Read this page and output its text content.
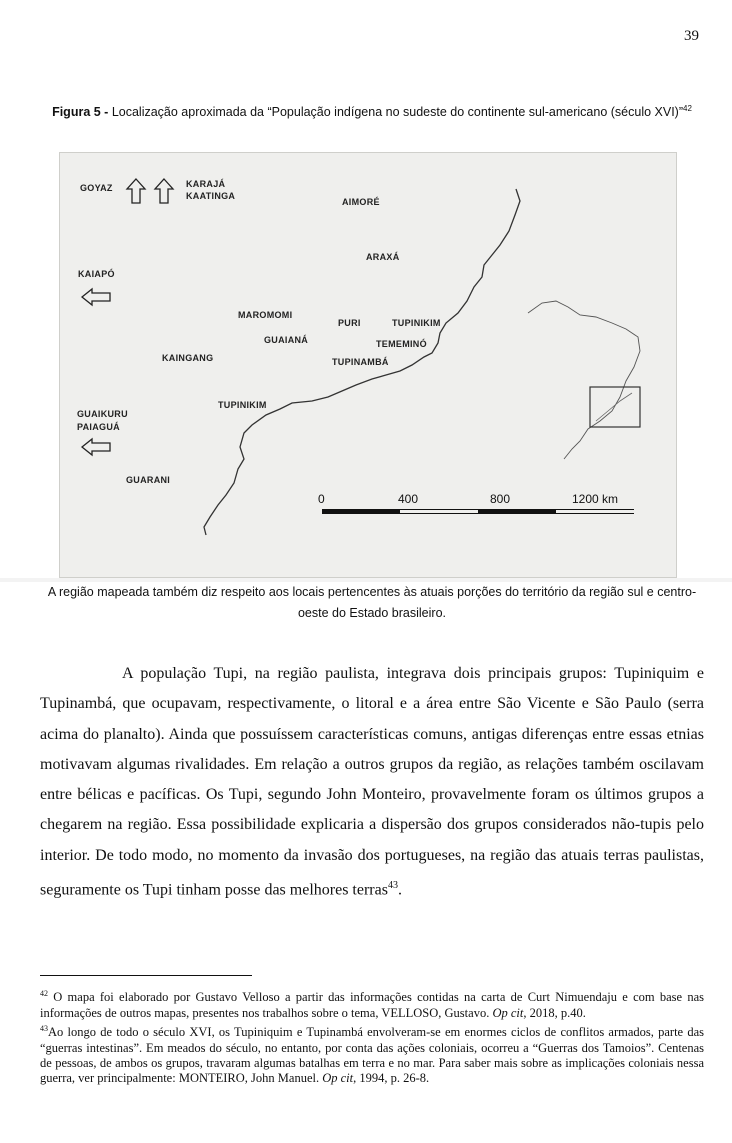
39
Figura 5 - Localização aproximada da “População indígena no sudeste do continente sul-americano (século XVI)”$^{42}$
GOYAZ	KARAJÁ
KAATINGA
AIMORÉ
KAIAPÓ
ARAXÁ
MAROMOMI
PURI	TUPINIKIM
GUAIANÁ	TEMEMINÓ
KAINGANG	TUPINAMBÁ
TUPINIKIM
GUAIKURU
PAIAGUÁ
GUARANI
0	400	800	1200 km
A região mapeada também diz respeito aos locais pertencentes às atuais porções do território da região sul e centro-oeste do Estado brasileiro.

A população Tupi, na região paulista, integrava dois principais grupos: Tupiniquim e Tupinambá, que ocupavam, respectivamente, o litoral e a área entre São Vicente e São Paulo (serra acima do planalto). Ainda que possuíssem características comuns, antigas diferenças entre essas etnias motivavam algumas rivalidades. Em relação a outros grupos da região, as relações também oscilavam entre bélicas e pacíficas. Os Tupi, segundo John Monteiro, provavelmente foram os últimos grupos a chegarem na região. Essa possibilidade explicaria a dispersão dos grupos considerados não-tupis pelo interior. De todo modo, no momento da invasão dos portugueses, na região das atuais terras paulistas, seguramente os Tupi tinham posse das melhores terras$^{43}$.

$^{42}$ O mapa foi elaborado por Gustavo Velloso a partir das informações contidas na carta de Curt Nimuendaju e com base nas informações de outros mapas, presentes nos trabalhos sobre o tema, VELLOSO, Gustavo. Op cit, 2018, p.40.

$^{43}$Ao longo de todo o século XVI, os Tupiniquim e Tupinambá envolveram-se em enormes ciclos de conflitos armados, parte das “guerras intestinas”. Em meados do século, no entanto, por conta das ações coloniais, ocorreu a “Guerras dos Tamoios”. Centenas de pessoas, de ambos os grupos, travaram algumas batalhas em terra e no mar. Para saber mais sobre as implicações coloniais nessa guerra, ver principalmente: MONTEIRO, John Manuel. Op cit, 1994, p. 26-8.
